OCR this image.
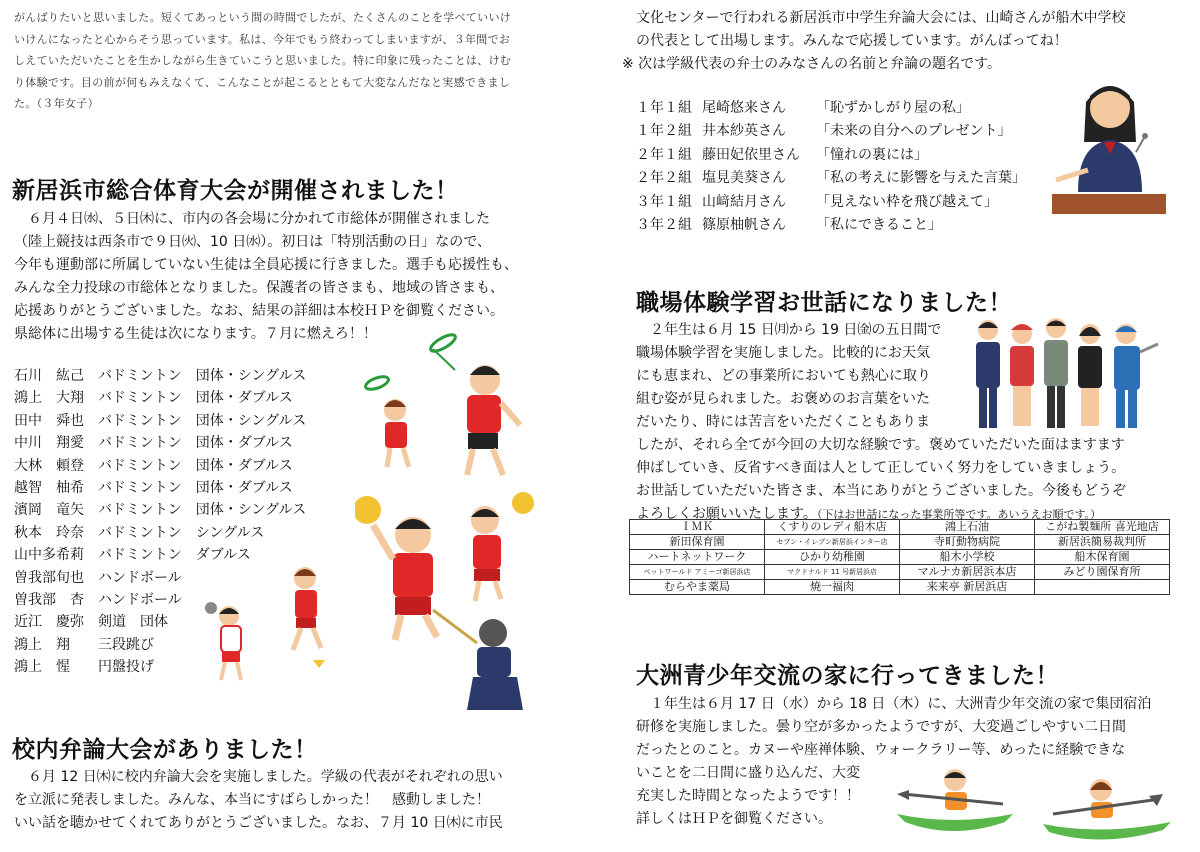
がんばりたいと思いました。短くてあっという間の時間でしたが、たくさんのことを学べていいけ
いけんになったと心からそう思っています。私は、今年でもう終わってしまいますが、３年間でお
しえていただいたことを生かしながら生きていこうと思いました。特に印象に残ったことは、けむ
り体験です。目の前が何もみえなくて、こんなことが起こるとともて大変なんだなと実感できまし
た。（３年女子）
新居浜市総合体育大会が開催されました！
　６月４日㈬、５日㈭に、市内の各会場に分かれて市総体が開催されました
（陸上競技は西条市で９日㈫、10 日㈬）。初日は「特別活動の日」なので、
今年も運動部に所属していない生徒は全員応援に行きました。選手も応援性も、
みんな全力投球の市総体となりました。保護者の皆さまも、地域の皆さまも、
応援ありがとうございました。なお、結果の詳細は本校ＨＰを御覧ください。
県総体に出場する生徒は次になります。７月に燃えろ！！
石川　紘己　バドミントン　団体・シングルス
鴻上　大翔　バドミントン　団体・ダブルス
田中　舜也　バドミントン　団体・シングルス
中川　翔愛　バドミントン　団体・ダブルス
大林　頼登　バドミントン　団体・ダブルス
越智　柚希　バドミントン　団体・ダブルス
濱岡　竜矢　バドミントン　団体・シングルス
秋本　玲奈　バドミントン　シングルス
山中多希莉　バドミントン　ダブルス
曽我部旬也　ハンドボール
曽我部　杏　ハンドボール
近江　慶弥　剣道　団体
鴻上　翔　　三段跳び
鴻上　惺　　円盤投げ
校内弁論大会がありました！
　６月 12 日㈭に校内弁論大会を実施しました。学級の代表がそれぞれの思い
を立派に発表しました。みんな、本当にすばらしかった！　感動しました！
いい話を聴かせてくれてありがとうございました。なお、７月 10 日㈭に市民
文化センターで行われる新居浜市中学生弁論大会には、山崎さんが船木中学校
の代表として出場します。みんなで応援しています。がんばってね！
※ 次は学級代表の弁士のみなさんの名前と弁論の題名です。
１年１組 尾崎悠来さん 「恥ずかしがり屋の私」
１年２組 井本紗英さん 「未来の自分へのプレゼント」
２年１組 藤田妃依里さん 「憧れの裏には」
２年２組 塩見美葵さん 「私の考えに影響を与えた言葉」
３年１組 山﨑結月さん 「見えない枠を飛び越えて」
３年２組 篠原柚帆さん 「私にできること」
職場体験学習お世話になりました！
　２年生は６月 15 日㈪から 19 日㈮の五日間で
職場体験学習を実施しました。比較的にお天気
にも恵まれ、どの事業所においても熱心に取り
組む姿が見られました。お褒めのお言葉をいた
だいたり、時には苦言をいただくこともありま
したが、それら全てが今回の大切な経験です。褒めていただいた面はますます
伸ばしていき、反省すべき面は人として正していく努力をしていきましょう。
お世話していただいた皆さま、本当にありがとうございました。今後もどうぞ
よろしくお願いいたします。（下はお世話になった事業所等です。あいうえお順です。）
ＩＭＫ	くすりのレディ船木店	鴻上石油	こがね製麺所 喜光地店
新田保育園	セブン・イレブン新居浜インター店	寺町動物病院	新居浜簡易裁判所
ハートネットワーク	ひかり幼稚園	船木小学校	船木保育園
ペットワールド アミーゴ新居浜店	マクドナルド 11 号新居浜店	マルナカ新居浜本店	みどり園保育所
むらやま薬局	焼一福肉	来来亭 新居浜店	
大洲青少年交流の家に行ってきました！
　１年生は６月 17 日（水）から 18 日（木）に、大洲青少年交流の家で集団宿泊
研修を実施しました。曇り空が多かったようですが、大変過ごしやすい二日間
だったとのこと。カヌーや座禅体験、ウォークラリー等、めったに経験できな
いことを二日間に盛り込んだ、大変
充実した時間となったようです！！
詳しくはＨＰを御覧ください。
